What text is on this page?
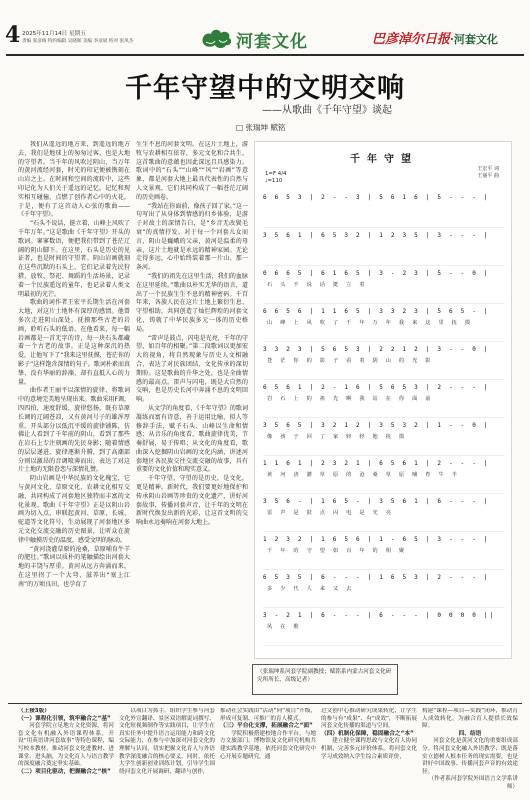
4 2025年11月14日 星期五
责编 张彦梅 特约编辑 吴晓晖 美编 李彦斌 校对 张凤杰	河套文化	巴彦淖尔日报·河套文化
千年守望中的文明交响
——从歌曲《千年守望》谈起
□ 张瑞坤 赋铭

我们从遥远的地方来，到遥远的地方去，我们是地球上的匆匆过客，也是大地的守望者。当千年的风吹过阴山，当万年的黄河流经河套，时光的印记便被镌刻在山岩之上。在时间和空间的流转中，这些印记化为人们关于遥远的记忆。记忆和现实相互碰撞，点燃了创作者心中的火花，于是，便有了这首动人心弦的歌曲——《千年守望》。

“石头不说话，挺立着，山峰上风吹了千年万年。”这是歌曲《千年守望》开头的歌词。寥寥数语，便把我们带到了苍茫辽阔的阴山脚下。在这里，石头是历史的见证者，也是时间的守望者。阴山岩画就刻在这些沉默的石头上，它们记录着先民狩猎、放牧、祭祀、舞蹈的生活场景，记录着一个民族遥远的童年，也记录着人类文明最初的光芒。

歌曲的词作者王宏平长期生活在河套大地，对这片土地怀有深厚的感情。他曾多次走进阴山深处，抚摸那些古老的岩画，聆听石头的低语。在他看来，每一幅岩画都是一首无字的诗，每一块石头都藏着一个古老的故事。正是这种深沉的热爱，让他写下了“我来这里抚摸，苍茫你的影子”这样饱含深情的句子。歌词朴素而真挚，没有华丽的辞藻，却有直抵人心的力量。

曲作者王丽平以深情的旋律，将歌词中的意境完美地呈现出来。歌曲采用F调，四四拍，速度舒缓，旋律悠扬，既有草原长调的辽阔苍凉，又有黄河号子的雄浑厚重。开头部分以低沉平缓的旋律铺陈，仿佛让人看到了千年前的阴山，看到了那些在岩石上专注刻画的先民身影；随着情感的层层递进，旋律逐渐升腾，到了高潮部分则以激昂的音调喷薄而出，表达了对这片土地的无限眷恋与深情礼赞。

阴山岩画是中华民族的文化瑰宝，它与黄河文化、草原文化、农耕文化相互交融，共同构成了河套地区独特而丰富的文化景观。歌曲《千年守望》正是以阴山岩画为切入点，串联起黄河、草原、长城、驼道等文化符号，生动展现了河套地区多元文化交流交融的历史图景，让听众在旋律中触摸历史的温度，感受文明的脉动。

“黄河浇灌草原的沧桑，草原哺育牛羊的肥壮。”歌词以质朴的笔触描绘出河套大地的丰饶与厚重。黄河从远方奔涌而来，在这里拐了一个大弯，滋养出“塞上江南”的万顷良田，也孕育了

生生不息的河套文明。在这片土地上，游牧与农耕相互依存，多元文化和合共生，这首歌曲的意蕴也因此深远且具感染力。歌词中的“石头”“山峰”“风”“岩画”等意象，都是河套大地上最具代表性的自然与人文景观，它们共同构成了一幅苍茫辽阔的历史画卷。

“我站在你面前，像孩子回了家。”这一句写出了从身体到情感的归乡体验，是游子对故土的深情告白，是“乡音无改鬓毛衰”的真情抒发。对于每一个河套儿女而言，阴山是巍峨的父亲，黄河是温柔的母亲，这片土地就是永远的精神家园。无论走得多远，心中始终装着那一片山、那一条河。

“我们的祖先在这里生活，我们的血脉在这里延续。”歌曲以朴实无华的语言，道出了一个民族生生不息的精神密码。千百年来，各族人民在这片土地上繁衍生息、守望相助，共同创造了灿烂辉煌的河套文化，铸就了中华民族多元一体的历史格局。

“雷声是鼓点，闪电是光亮，千年的守望，如百年的相聚。”第二段歌词以更加宏大的视角，将自然现象与历史人文相融合，表达了对民族团结、文化传承的深切期盼。这是歌曲的升华之处，也是全曲情感的最高点。雷声与闪电，既是大自然的交响，也是历史长河中奔涌不息的文明回响。

从文学的角度看，《千年守望》的歌词凝练而富有诗意，善于运用比喻、拟人等修辞手法，赋予石头、山峰以生命和情感；从音乐的角度看，歌曲旋律优美，节奏舒展，易于传唱；从文化的角度看，歌曲深入挖掘阴山岩画的文化内涵，讲述河套地区各民族交往交流交融的故事，具有重要的文化价值和现实意义。

千年守望，守望的是历史，是文化，更是精神。新时代，我们要更好地保护和传承阴山岩画等珍贵的文化遗产，讲好河套故事，传播河套声音，让千年的文明在新时代焕发出新的光彩，让这首文明的交响曲永远奏响在河套大地上。

千年守望
王宏平 词
王丽平 曲
1=F 4/4
♩=110
6 6 5 3 | 2 - - 3 | 5 6 1 6 | 5 - - - |
3 5 6 1 | 6 5 3 2 | 1 2 3 5 | 3 - - - |
0 6 6 5 | 6 1 6 5 | 3 - 2 3 | 5 - - 0 |
石头不说话挺立着
6 6 5 6 | 1 1 6 5 | 3 3 2 3 | 5 6 5 - |
山峰上风吹了千年万年我来这里抚摸
3 3 2 3 | 5 6 5 3 | 2 2 1 2 | 3 - - 0 |
苍茫你的影子看着阴山的光影
6 5 6 1 | 2 - 1 6 | 5 6 5 3 | 2 - - - |
岩石上的祖先啊我站在你面前
3 5 6 5 | 3 2 1 2 | 3 5 3 2 | 1 - - 0 |
像孩子回了家轻轻地抚摸
1 1 6 1 | 2 3 2 1 | 6 5 6 1 | 2 - - - |
黄河浇灌草原的沧桑草原哺育牛羊
3 5 6 - | 1 6 5 - | 3 5 6 1 | 6 - - - |
雷声是鼓点闪电是光亮
1 2 3 2 | 1 6 5 6 | 1 - 6 5 | 3 - - - |
千年的守望如百年的相聚
6 5 3 5 | 6 - - - | 1 6 5 3 | 2 - - - |
多少代人来又去
3 - 2 1 | 6 - - - | 6 - - - | 0 0 0 0 ||
风在歌
（张瑞坤系河套学院副教授；赋铭系内蒙古河套文化研究所所长、高级记者）
（上接3版）
（一）课程化引领，筑牢融合之“基”

河套学院立足地方文化资源，将河套文化有机融入外语课程体系，开设“用英语讲河套故事”等特色课程，编写校本教材，推动河套文化进教材、进课堂、进头脑，为文化育人与语言教学的深度融合奠定坚实基础。

（二）项目化驱动，把握融合之“核”

以项目为抓手，组织学生参与河套文化外宣翻译、景区双语解说词撰写、文化短视频制作等实践项目，让学生在真实任务中提升语言运用能力和跨文化交际能力，在参与中加深对河套文化的理解与认同，切实把握文化育人与外语教学深度融合的核心要义。同时，依托大学生创新创业训练计划，引导学生围绕河套文化开展调研、翻译与创作，

推动社会实践由“活动”向“项目”升级，形成可复制、可推广的育人模式。

（三）平台化支撑，拓展融合之“面”

学院积极搭建校地合作平台，与地方文旅部门、博物馆及文化研究机构共建实践教学基地，依托河套文化研究中心开展专题研究，通

过文创中心推动研究成果转化，让学生的参与有“成果”、有“成效”，不断拓展河套文化传播的渠道与空间。

（四）机制化保障，稳固融合之“本”

建立健全课程思政与文化育人协同机制，完善多元评价体系，将河套文化学习成效纳入学生综合素质评价，

构建“课程—项目—实践”闭环，推动育人成效转化，为融合育人提供长效保障。

四、结语

河套文化是黄河文化的重要组成部分。将河套文化融入外语教学，既是落实立德树人根本任务的现实需要，也是讲好中国故事、传播河套声音的有效途径。

（作者系河套学院外国语言文学系讲师）
